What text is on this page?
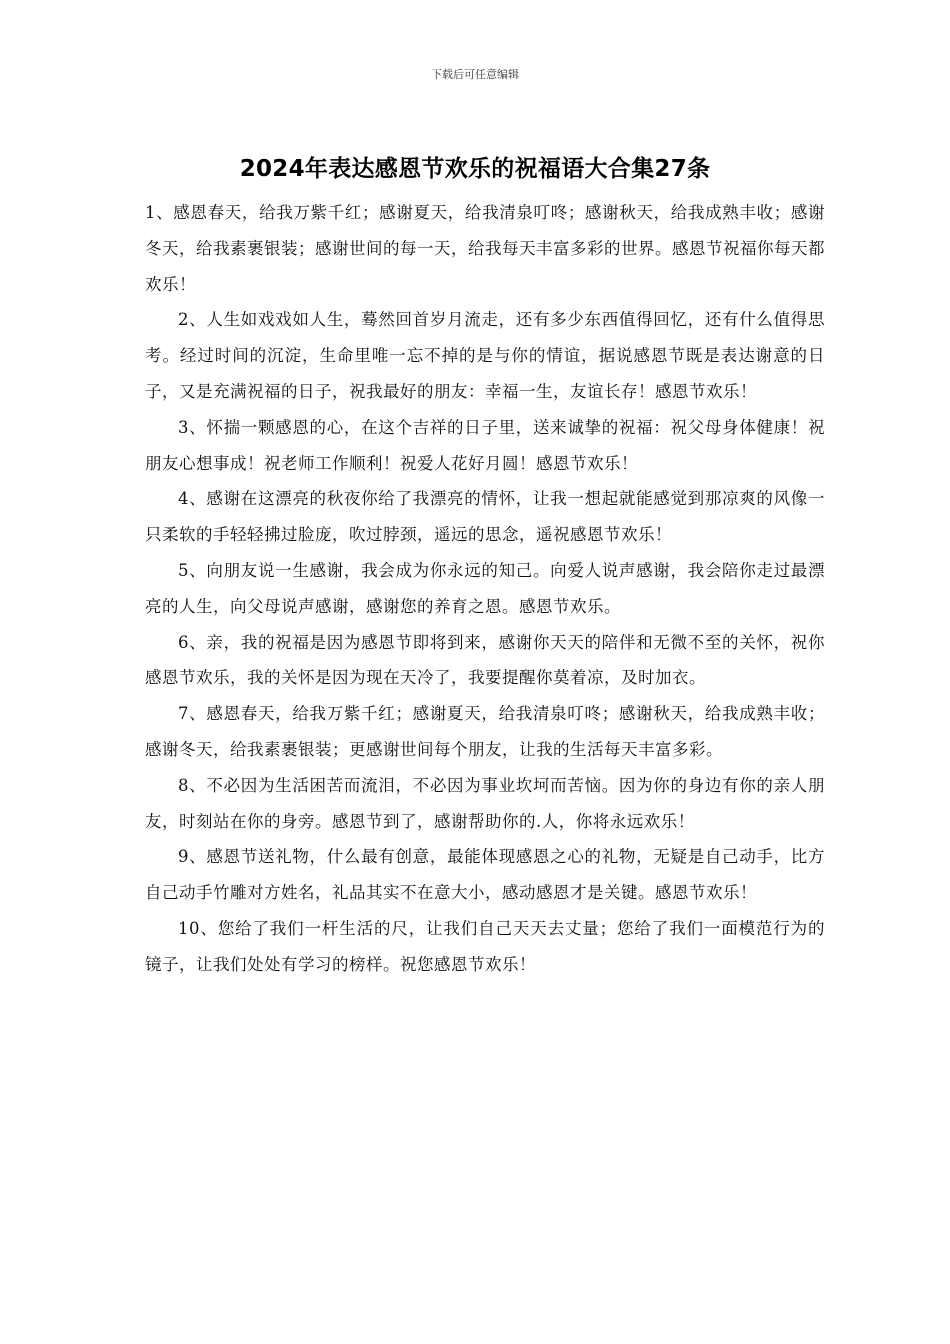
下载后可任意编辑
2024年表达感恩节欢乐的祝福语大合集27条

1、感恩春天，给我万紫千红；感谢夏天，给我清泉叮咚；感谢秋天，给我成熟丰收；感谢冬天，给我素裹银装；感谢世间的每一天，给我每天丰富多彩的世界。感恩节祝福你每天都欢乐！

2、人生如戏戏如人生，蓦然回首岁月流走，还有多少东西值得回忆，还有什么值得思考。经过时间的沉淀，生命里唯一忘不掉的是与你的情谊，据说感恩节既是表达谢意的日子，又是充满祝福的日子，祝我最好的朋友：幸福一生，友谊长存！感恩节欢乐！

3、怀揣一颗感恩的心，在这个吉祥的日子里，送来诚挚的祝福：祝父母身体健康！祝朋友心想事成！祝老师工作顺利！祝爱人花好月圆！感恩节欢乐！

4、感谢在这漂亮的秋夜你给了我漂亮的情怀，让我一想起就能感觉到那凉爽的风像一只柔软的手轻轻拂过脸庞，吹过脖颈，遥远的思念，遥祝感恩节欢乐！

5、向朋友说一生感谢，我会成为你永远的知己。向爱人说声感谢，我会陪你走过最漂亮的人生，向父母说声感谢，感谢您的养育之恩。感恩节欢乐。

6、亲，我的祝福是因为感恩节即将到来，感谢你天天的陪伴和无微不至的关怀，祝你感恩节欢乐，我的关怀是因为现在天冷了，我要提醒你莫着凉，及时加衣。

7、感恩春天，给我万紫千红；感谢夏天，给我清泉叮咚；感谢秋天，给我成熟丰收；感谢冬天，给我素裹银装；更感谢世间每个朋友，让我的生活每天丰富多彩。

8、不必因为生活困苦而流泪，不必因为事业坎坷而苦恼。因为你的身边有你的亲人朋友，时刻站在你的身旁。感恩节到了，感谢帮助你的.人，你将永远欢乐！

9、感恩节送礼物，什么最有创意，最能体现感恩之心的礼物，无疑是自己动手，比方自己动手竹雕对方姓名，礼品其实不在意大小，感动感恩才是关键。感恩节欢乐！

10、您给了我们一杆生活的尺，让我们自己天天去丈量；您给了我们一面模范行为的镜子，让我们处处有学习的榜样。祝您感恩节欢乐！
